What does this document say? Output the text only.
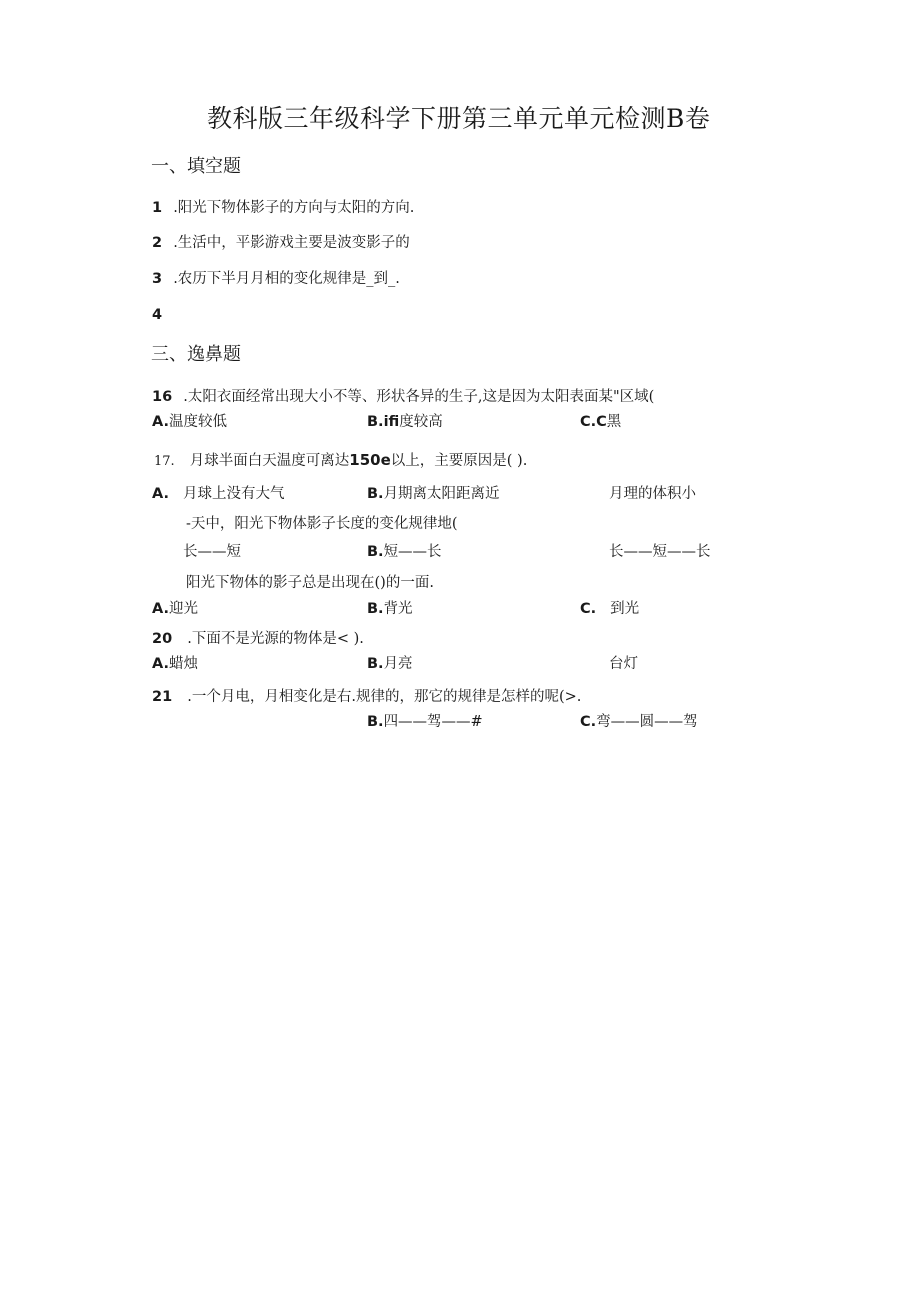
教科版三年级科学下册第三单元单元检测B卷
一、填空题
1 .阳光下物体影子的方向与太阳的方向.
2 .生活中，平影游戏主要是波变影子的
3 .农历下半月月相的变化规律是_到_.
4
三、逸鼻题
16 .太阳衣面经常出现大小不等、形状各异的生子,这是因为太阳表面某"区域(
A.温度较低	B.ifi度较高	C.C黑
17. 月球半面白天温度可离达150e以上，主要原因是( ).
A. 月球上没有大气	B.月期离太阳距离近	月理的体积小
-天中，阳光下物体影子长度的变化规律地(
长——短	B.短——长	长——短——长
阳光下物体的影子总是出现在()的一面.
A.迎光	B.背光	C. 到光
20 .下面不是光源的物体是< ).
A.蜡烛	B.月亮	台灯
21 .一个月电，月相变化是右.规律的，那它的规律是怎样的呢(>.
B.四——驾——#	C.弯——圆——驾
